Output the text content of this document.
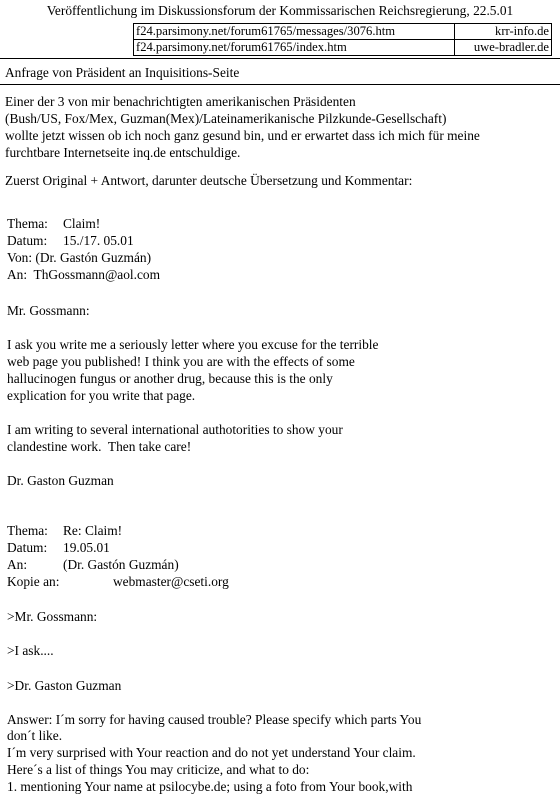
Veröffentlichung im Diskussionsforum der Kommissarischen Reichsregierung, 22.5.01
f24.parsimony.net/forum61765/messages/3076.htm	krr-info.de
f24.parsimony.net/forum61765/index.htm	uwe-bradler.de
Anfrage von Präsident an Inquisitions-Seite
Einer der 3 von mir benachrichtigten amerikanischen Präsidenten
(Bush/US, Fox/Mex, Guzman(Mex)/Lateinamerikanische Pilzkunde-Gesellschaft)
wollte jetzt wissen ob ich noch ganz gesund bin, und er erwartet dass ich mich für meine
furchtbare Internetseite inq.de entschuldige.
Zuerst Original + Antwort, darunter deutsche Übersetzung und Kommentar:
Thema: Claim!
Datum: 15./17. 05.01
Von: (Dr. Gastón Guzmán)
An:  ThGossmann@aol.com
Mr. Gossmann:
I ask you write me a seriously letter where you excuse for the terrible
web page you published! I think you are with the effects of some
hallucinogen fungus or another drug, because this is the only
explication for you write that page.
I am writing to several international authotorities to show your
clandestine work.  Then take care!
Dr. Gaston Guzman
Thema: Re: Claim!
Datum: 19.05.01
An:	(Dr. Gastón Guzmán)
Kopie an:	webmaster@cseti.org
>Mr. Gossmann:
>I ask....
>Dr. Gaston Guzman
Answer: I´m sorry for having caused trouble? Please specify which parts You
don´t like.
I´m very surprised with Your reaction and do not yet understand Your claim.
Here´s a list of things You may criticize, and what to do:
1. mentioning Your name at psilocybe.de; using a foto from Your book,with
